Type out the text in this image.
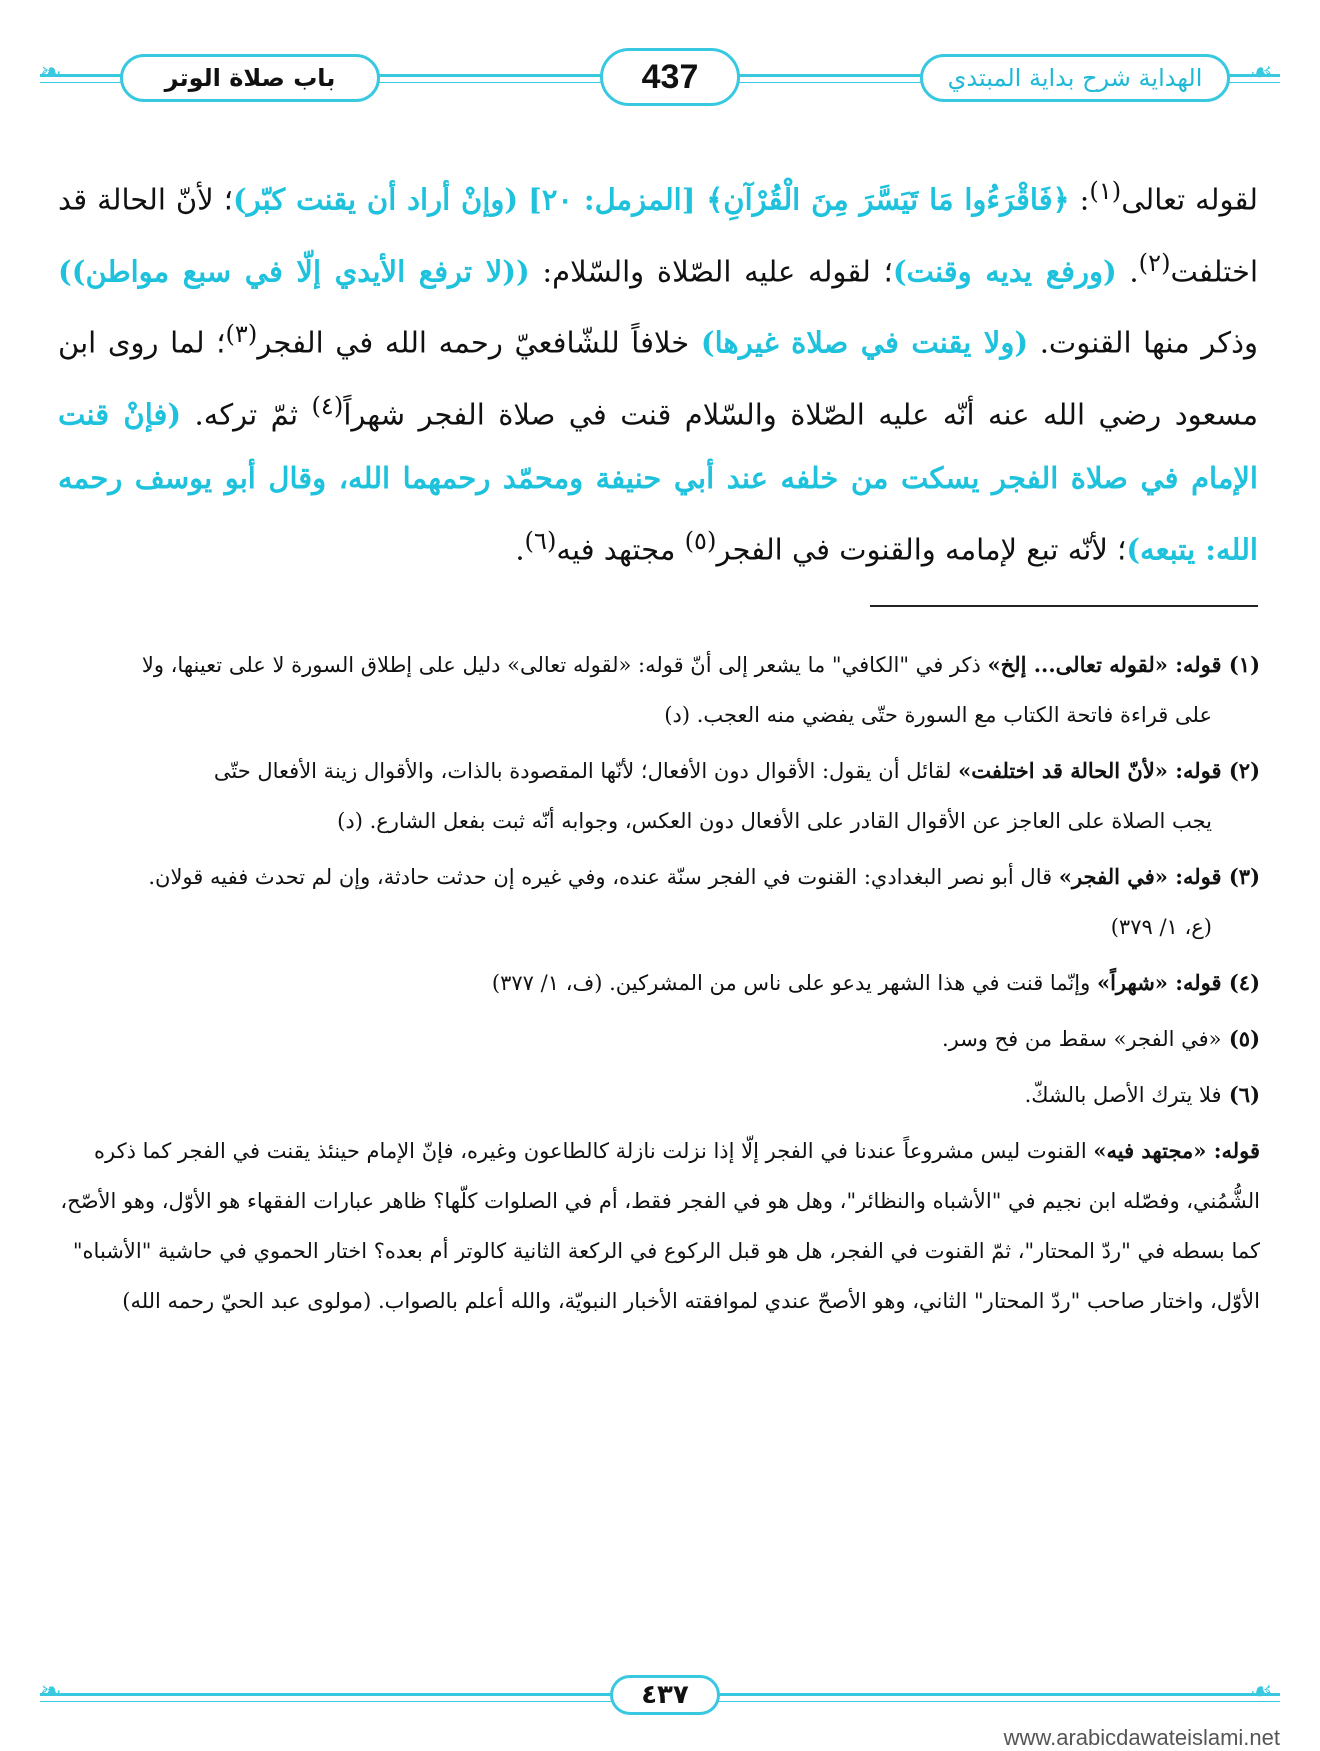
❧	☙
باب صلاة الوتر	437	الهداية شرح بداية المبتدي
لقوله تعالى$^{(١)}$: ﴿فَاقْرَءُوا مَا تَيَسَّرَ مِنَ الْقُرْآنِ﴾ [المزمل: ٢٠] (وإنْ أراد أن يقنت كبّر)؛ لأنّ الحالة قد اختلفت$^{(٢)}$. (ورفع يديه وقنت)؛ لقوله عليه الصّلاة والسّلام: ((لا ترفع الأيدي إلّا في سبع مواطن)) وذكر منها القنوت. (ولا يقنت في صلاة غيرها) خلافاً للشّافعيّ رحمه الله في الفجر$^{(٣)}$؛ لما روى ابن مسعود رضي الله عنه أنّه عليه الصّلاة والسّلام قنت في صلاة الفجر شهراً$^{(٤)}$ ثمّ تركه. (فإنْ قنت الإمام في صلاة الفجر يسكت من خلفه عند أبي حنيفة ومحمّد رحمهما الله، وقال أبو يوسف رحمه الله: يتبعه)؛ لأنّه تبع لإمامه والقنوت في الفجر$^{(٥)}$ مجتهد فيه$^{(٦)}$.
(١) قوله: «لقوله تعالى... إلخ» ذكر في "الكافي" ما يشعر إلى أنّ قوله: «لقوله تعالى» دليل على إطلاق السورة لا على تعينها، ولا
على قراءة فاتحة الكتاب مع السورة حتّى يفضي منه العجب. (د)
(٢) قوله: «لأنّ الحالة قد اختلفت» لقائل أن يقول: الأقوال دون الأفعال؛ لأنّها المقصودة بالذات، والأقوال زينة الأفعال حتّى
يجب الصلاة على العاجز عن الأقوال القادر على الأفعال دون العكس، وجوابه أنّه ثبت بفعل الشارع. (د)
(٣) قوله: «في الفجر» قال أبو نصر البغدادي: القنوت في الفجر سنّة عنده، وفي غيره إن حدثت حادثة، وإن لم تحدث ففيه قولان.
(ع، ١/ ٣٧٩)
(٤) قوله: «شهراً» وإنّما قنت في هذا الشهر يدعو على ناس من المشركين. (ف، ١/ ٣٧٧)
(٥) «في الفجر» سقط من فح وسر.
(٦) فلا يترك الأصل بالشكّ.
قوله: «مجتهد فيه» القنوت ليس مشروعاً عندنا في الفجر إلّا إذا نزلت نازلة كالطاعون وغيره، فإنّ الإمام حينئذ يقنت في الفجر كما ذكره الشُّمُني، وفصّله ابن نجيم في "الأشباه والنظائر"، وهل هو في الفجر فقط، أم في الصلوات كلّها؟ ظاهر عبارات الفقهاء هو الأوّل، وهو الأصّح، كما بسطه في "ردّ المحتار"، ثمّ القنوت في الفجر، هل هو قبل الركوع في الركعة الثانية كالوتر أم بعده؟ اختار الحموي في حاشية "الأشباه" الأوّل، واختار صاحب "ردّ المحتار" الثاني، وهو الأصحّ عندي لموافقته الأخبار النبويّة، والله أعلم بالصواب. (مولوى عبد الحيّ رحمه الله)
❧	☙
٤٣٧
www.arabicdawateislami.net
